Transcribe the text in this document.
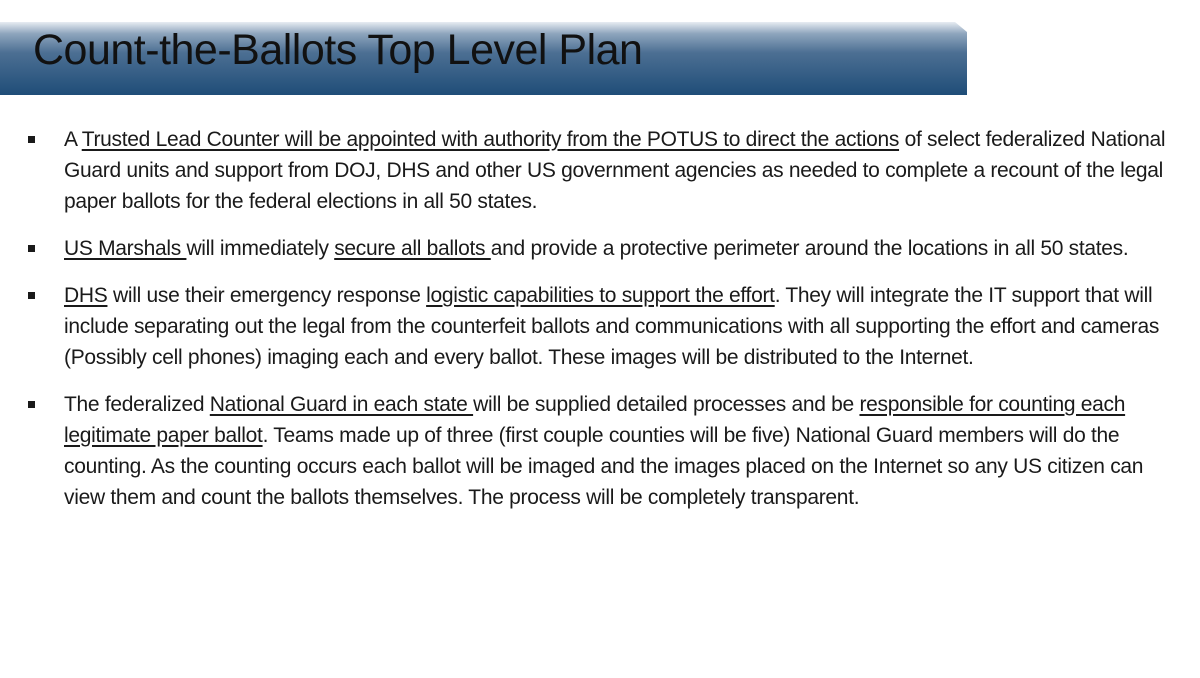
Count-the-Ballots Top Level Plan
A Trusted Lead Counter will be appointed with authority from the POTUS to direct the actions of select federalized National Guard units and support from DOJ, DHS and other US government agencies as needed to complete a recount of the legal paper ballots for the federal elections in all 50 states.
US Marshals will immediately secure all ballots and provide a protective perimeter around the locations in all 50 states.
DHS will use their emergency response logistic capabilities to support the effort. They will integrate the IT support that will include separating out the legal from the counterfeit ballots and communications with all supporting the effort and cameras (Possibly cell phones) imaging each and every ballot. These images will be distributed to the Internet.
The federalized National Guard in each state will be supplied detailed processes and be responsible for counting each legitimate paper ballot. Teams made up of three (first couple counties will be five) National Guard members will do the counting. As the counting occurs each ballot will be imaged and the images placed on the Internet so any US citizen can view them and count the ballots themselves. The process will be completely transparent.
